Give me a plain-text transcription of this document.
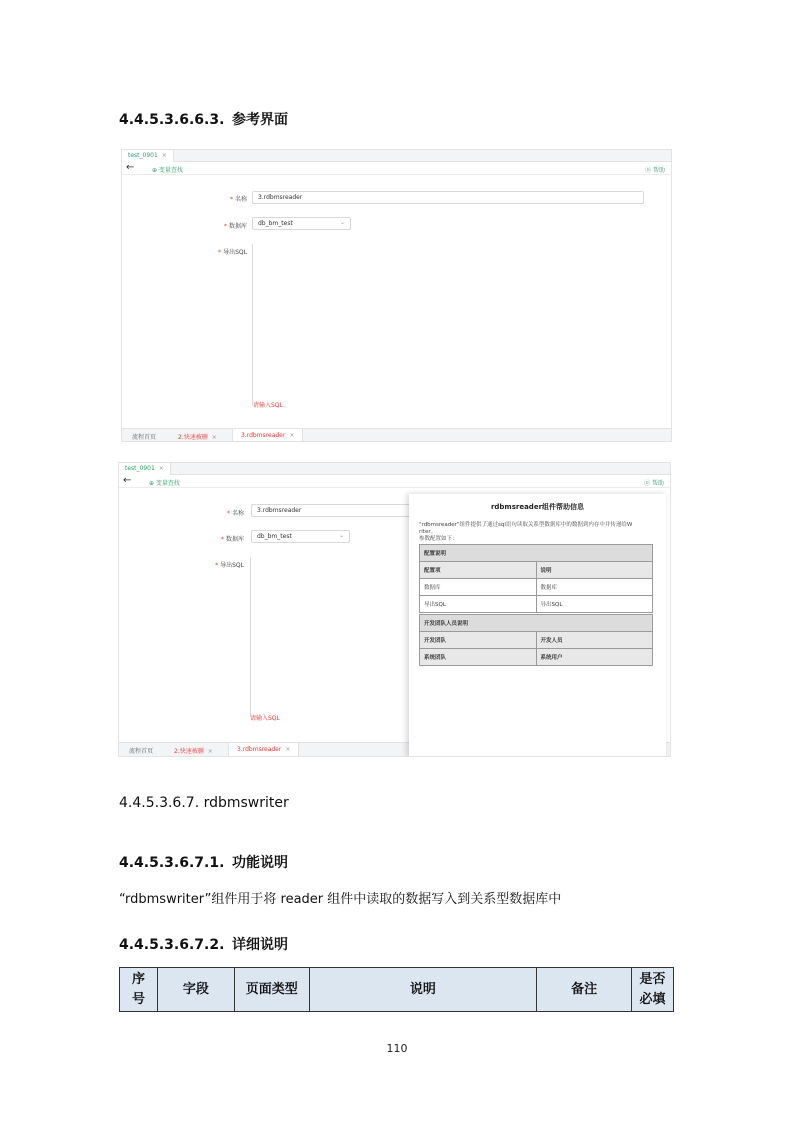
4.4.5.3.6.6.3. 参考界面
test_0901 ×
←	⊕ 变量查找	⓪ 帮助
* 名称	3.rdbmsreader
* 数据库	db_bm_test	⌄
* 导出SQL
请输入SQL
流程首页	2.快速被删 ×	3.rdbmsreader ×
test_0901 ×
←	⊕ 变量查找	⓪ 帮助
* 名称	3.rdbmsreader
* 数据库	db_bm_test	⌄
* 导出SQL
请输入SQL
流程首页	2.快速被删 ×	3.rdbmsreader ×
rdbmsreader组件帮助信息
"rdbmsreader"组件提供了通过sql语句读取关系型数据库中的数据到内存中并传递给W
riter。
参数配置如下：
配置说明	
配置项	说明
数据库	数据库
导出SQL	导出SQL
开发团队人员说明	
开发团队	开发人员
系统团队	系统用户
4.4.5.3.6.7. rdbmswriter
4.4.5.3.6.7.1. 功能说明
“rdbmswriter”组件用于将 reader 组件中读取的数据写入到关系型数据库中
4.4.5.3.6.7.2. 详细说明
序
号	字段	页面类型	说明	备注	是否
必填
110
